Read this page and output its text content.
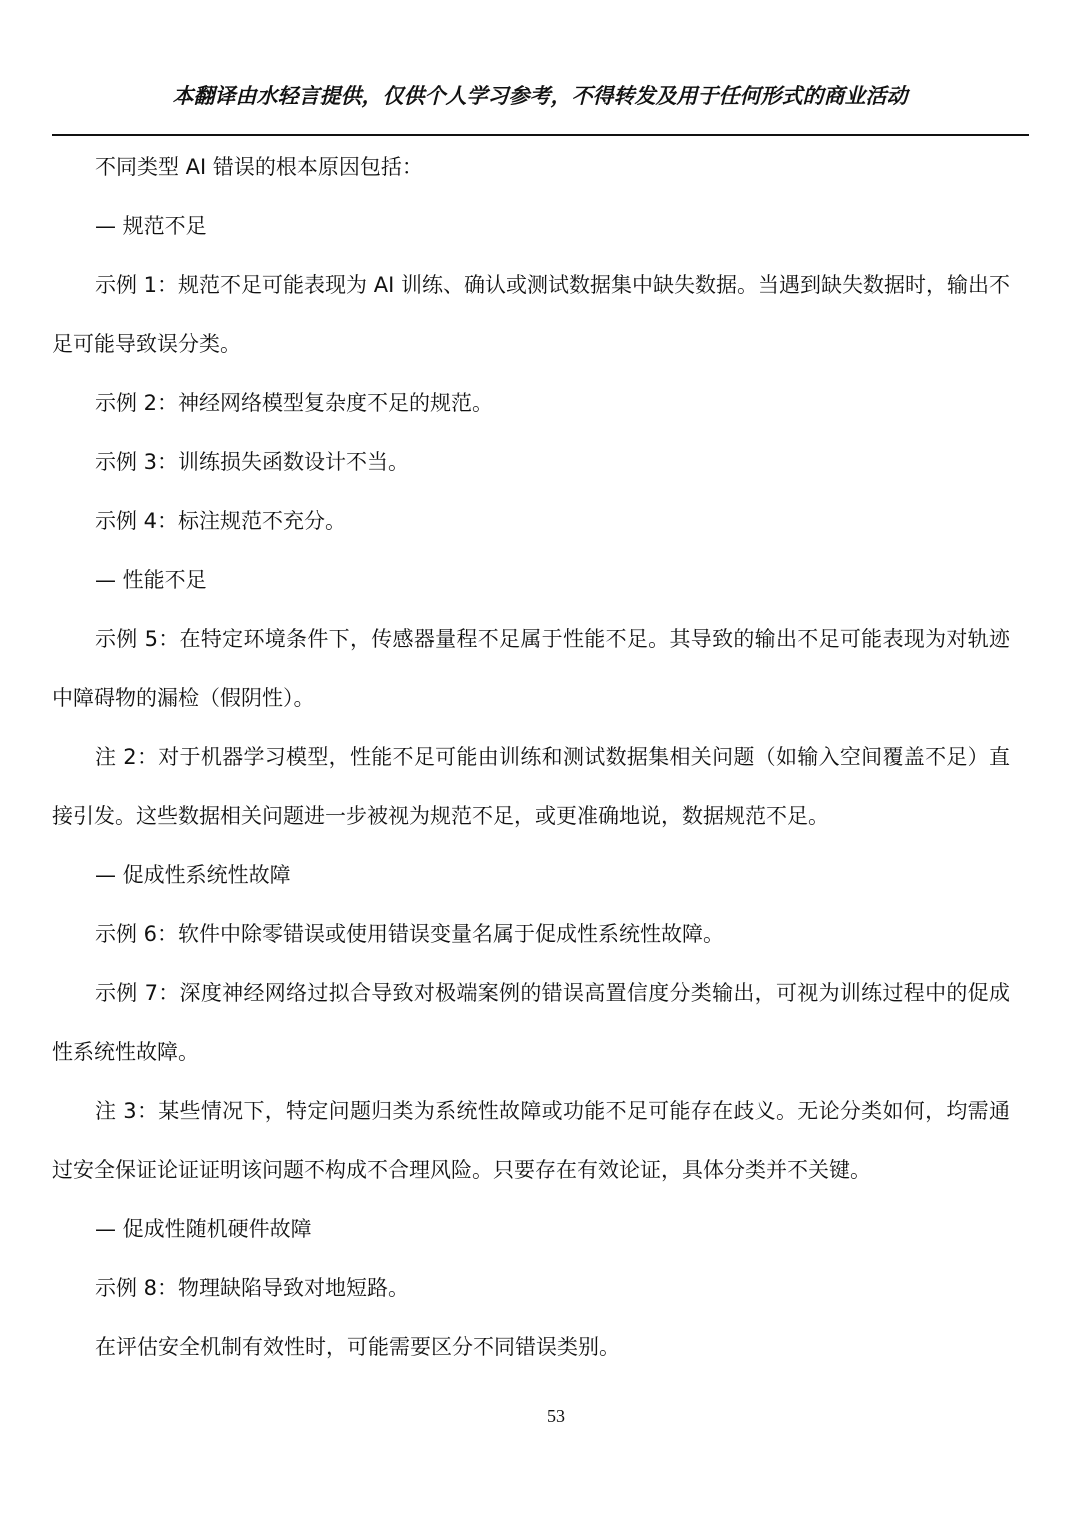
本翻译由水轻言提供，仅供个人学习参考，不得转发及用于任何形式的商业活动

不同类型 AI 错误的根本原因包括：

— 规范不足

示例 1：规范不足可能表现为 AI 训练、确认或测试数据集中缺失数据。当遇到缺失数据时，输出不足可能导致误分类。

示例 2：神经网络模型复杂度不足的规范。

示例 3：训练损失函数设计不当。

示例 4：标注规范不充分。

— 性能不足

示例 5：在特定环境条件下，传感器量程不足属于性能不足。其导致的输出不足可能表现为对轨迹中障碍物的漏检（假阴性）。

注 2：对于机器学习模型，性能不足可能由训练和测试数据集相关问题（如输入空间覆盖不足）直接引发。这些数据相关问题进一步被视为规范不足，或更准确地说，数据规范不足。

— 促成性系统性故障

示例 6：软件中除零错误或使用错误变量名属于促成性系统性故障。

示例 7：深度神经网络过拟合导致对极端案例的错误高置信度分类输出，可视为训练过程中的促成性系统性故障。

注 3：某些情况下，特定问题归类为系统性故障或功能不足可能存在歧义。无论分类如何，均需通过安全保证论证证明该问题不构成不合理风险。只要存在有效论证，具体分类并不关键。

— 促成性随机硬件故障

示例 8：物理缺陷导致对地短路。

在评估安全机制有效性时，可能需要区分不同错误类别。

53
